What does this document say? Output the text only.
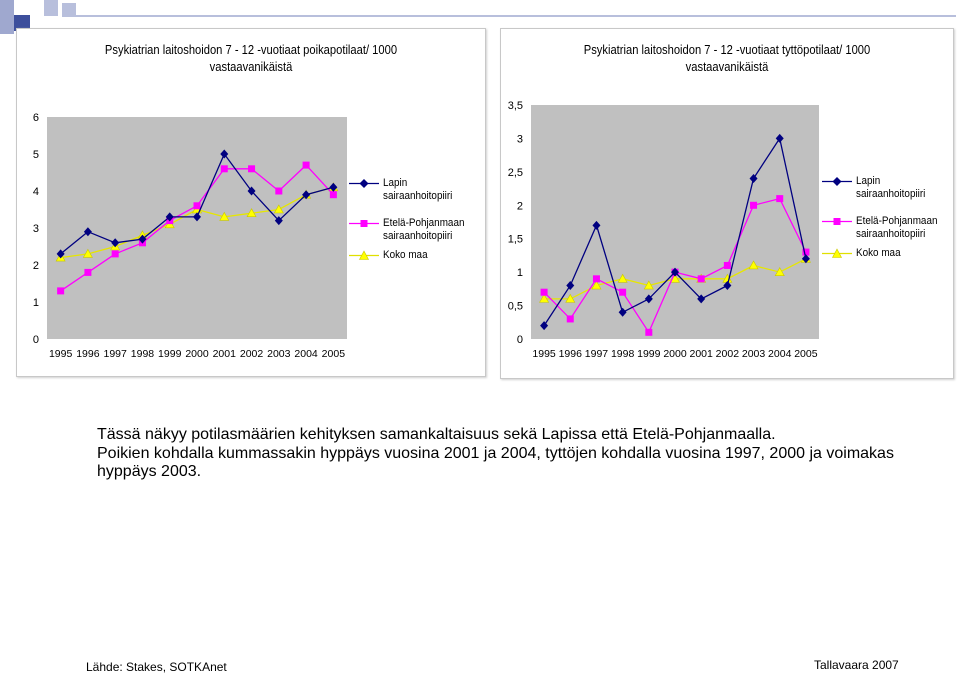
Psykiatrian laitoshoidon 7 - 12 -vuotiaat poikapotilaat/ 1000
vastaavanikäistä
0
1
2
3
4
5
6
1995 1996 1997 1998 1999 2000 2001 2002 2003 2004 2005
Lapin sairaanhoitopiiri
Etelä-Pohjanmaan sairaanhoitopiiri
Koko maa
Psykiatrian laitoshoidon 7 - 12 -vuotiaat tyttöpotilaat/ 1000
vastaavanikäistä
0
0,5
1
1,5
2
2,5
3
3,5
1995 1996 1997 1998 1999 2000 2001 2002 2003 2004 2005
Lapin sairaanhoitopiiri
Etelä-Pohjanmaan sairaanhoitopiiri
Koko maa
Tässä näkyy potilasmäärien kehityksen samankaltaisuus sekä Lapissa että Etelä-Pohjanmaalla.
Poikien kohdalla kummassakin hyppäys vuosina 2001 ja 2004, tyttöjen kohdalla vuosina 1997, 2000 ja voimakas hyppäys 2003.
Lähde: Stakes, SOTKAnet	Tallavaara 2007
